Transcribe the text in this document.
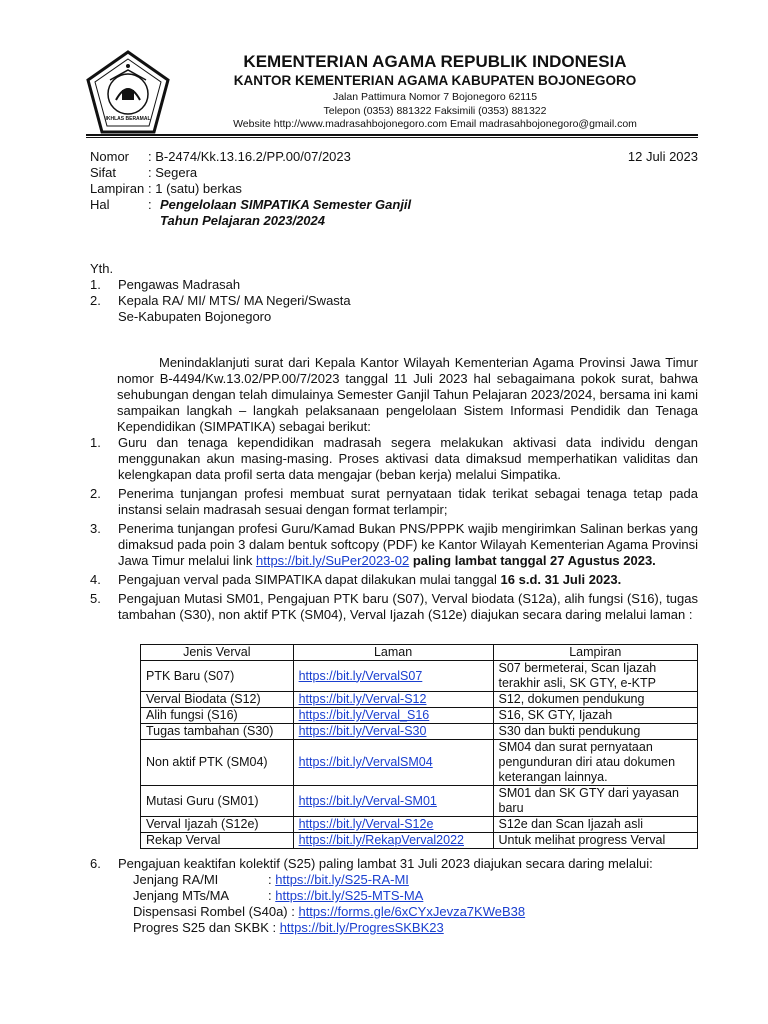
IKHLAS BERAMAL
KEMENTERIAN AGAMA REPUBLIK INDONESIA
KANTOR KEMENTERIAN AGAMA KABUPATEN BOJONEGORO
Jalan Pattimura Nomor 7 Bojonegoro 62115
Telepon (0353) 881322 Faksimili (0353) 881322
Website http://www.madrasahbojonegoro.com Email madrasahbojonegoro@gmail.com
Nomor : B-2474/Kk.13.16.2/PP.00/07/2023	12 Juli 2023
Sifat : Segera
Lampiran : 1 (satu) berkas
Hal	: Pengelolaan SIMPATIKA Semester Ganjil
Tahun Pelajaran 2023/2024
Yth.
1. Pengawas Madrasah
2. Kepala RA/ MI/ MTS/ MA Negeri/Swasta
Se-Kabupaten Bojonegoro
Menindaklanjuti surat dari Kepala Kantor Wilayah Kementerian Agama Provinsi Jawa Timur nomor B-4494/Kw.13.02/PP.00/7/2023 tanggal 11 Juli 2023 hal sebagaimana pokok surat, bahwa sehubungan dengan telah dimulainya Semester Ganjil Tahun Pelajaran 2023/2024, bersama ini kami sampaikan langkah – langkah pelaksanaan pengelolaan Sistem Informasi Pendidik dan Tenaga Kependidikan (SIMPATIKA) sebagai berikut:
1. Guru dan tenaga kependidikan madrasah segera melakukan aktivasi data individu dengan menggunakan akun masing-masing. Proses aktivasi data dimaksud memperhatikan validitas dan kelengkapan data profil serta data mengajar (beban kerja) melalui Simpatika.
2. Penerima tunjangan profesi membuat surat pernyataan tidak terikat sebagai tenaga tetap pada instansi selain madrasah sesuai dengan format terlampir;
3. Penerima tunjangan profesi Guru/Kamad Bukan PNS/PPPK wajib mengirimkan Salinan berkas yang dimaksud pada poin 3 dalam bentuk softcopy (PDF) ke Kantor Wilayah Kementerian Agama Provinsi Jawa Timur melalui link https://bit.ly/SuPer2023-02 paling lambat tanggal 27 Agustus 2023.
4. Pengajuan verval pada SIMPATIKA dapat dilakukan mulai tanggal 16 s.d. 31 Juli 2023.
5. Pengajuan Mutasi SM01, Pengajuan PTK baru (S07), Verval biodata (S12a), alih fungsi (S16), tugas tambahan (S30), non aktif PTK (SM04), Verval Ijazah (S12e) diajukan secara daring melalui laman :
Jenis Verval	Laman	Lampiran
PTK Baru (S07)	https://bit.ly/VervalS07	S07 bermeterai, Scan Ijazah terakhir asli, SK GTY, e-KTP
Verval Biodata (S12)	https://bit.ly/Verval-S12	S12, dokumen pendukung
Alih fungsi (S16)	https://bit.ly/Verval_S16	S16, SK GTY, Ijazah
Tugas tambahan (S30)	https://bit.ly/Verval-S30	S30 dan bukti pendukung
Non aktif PTK (SM04)	https://bit.ly/VervalSM04	SM04 dan surat pernyataan pengunduran diri atau dokumen keterangan lainnya.
Mutasi Guru (SM01)	https://bit.ly/Verval-SM01	SM01 dan SK GTY dari yayasan baru
Verval Ijazah (S12e)	https://bit.ly/Verval-S12e	S12e dan Scan Ijazah asli
Rekap Verval	https://bit.ly/RekapVerval2022	Untuk melihat progress Verval
6. Pengajuan keaktifan kolektif (S25) paling lambat 31 Juli 2023 diajukan secara daring melalui:
Jenjang RA/MI	: https://bit.ly/S25-RA-MI
Jenjang MTs/MA	: https://bit.ly/S25-MTS-MA
Dispensasi Rombel (S40a) : https://forms.gle/6xCYxJevza7KWeB38
Progres S25 dan SKBK : https://bit.ly/ProgresSKBK23
